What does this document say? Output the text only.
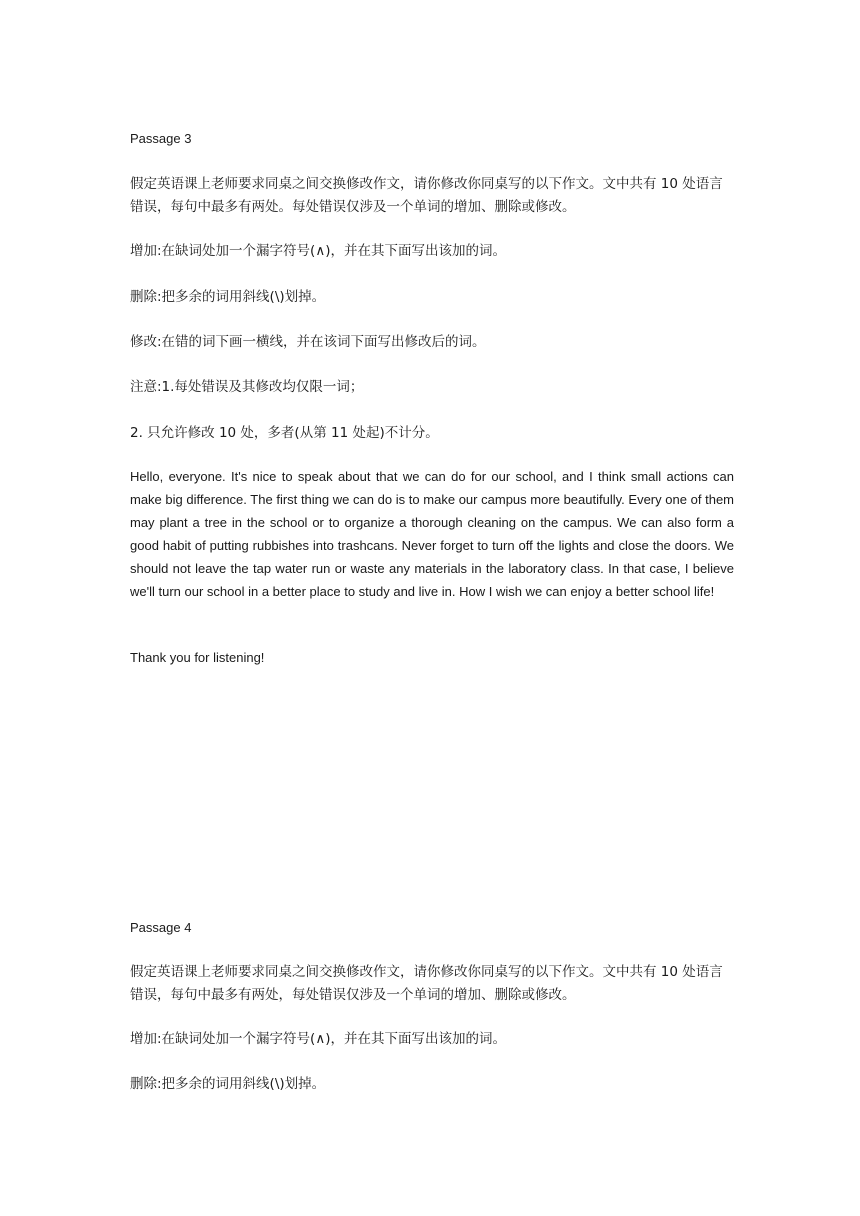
Passage 3

假定英语课上老师要求同桌之间交换修改作文，请你修改你同桌写的以下作文。文中共有 10 处语言错误，每句中最多有两处。每处错误仅涉及一个单词的增加、删除或修改。

增加:在缺词处加一个漏字符号(∧)，并在其下面写出该加的词。

删除:把多余的词用斜线(\)划掉。

修改:在错的词下画一横线，并在该词下面写出修改后的词。

注意:1.每处错误及其修改均仅限一词；

2. 只允许修改 10 处，多者(从第 11 处起)不计分。

Hello, everyone. It's nice to speak about that we can do for our school, and I think small actions can make big difference. The first thing we can do is to make our campus more beautifully. Every one of them may plant a tree in the school or to organize a thorough cleaning on the campus. We can also form a good habit of putting rubbishes into trashcans. Never forget to turn off the lights and close the doors. We should not leave the tap water run or waste any materials in the laboratory class. In that case, I believe we'll turn our school in a better place to study and live in. How I wish we can enjoy a better school life!

Thank you for listening!

Passage 4

假定英语课上老师要求同桌之间交换修改作文，请你修改你同桌写的以下作文。文中共有 10 处语言错误，每句中最多有两处，每处错误仅涉及一个单词的增加、删除或修改。

增加:在缺词处加一个漏字符号(∧)，并在其下面写出该加的词。

删除:把多余的词用斜线(\)划掉。
